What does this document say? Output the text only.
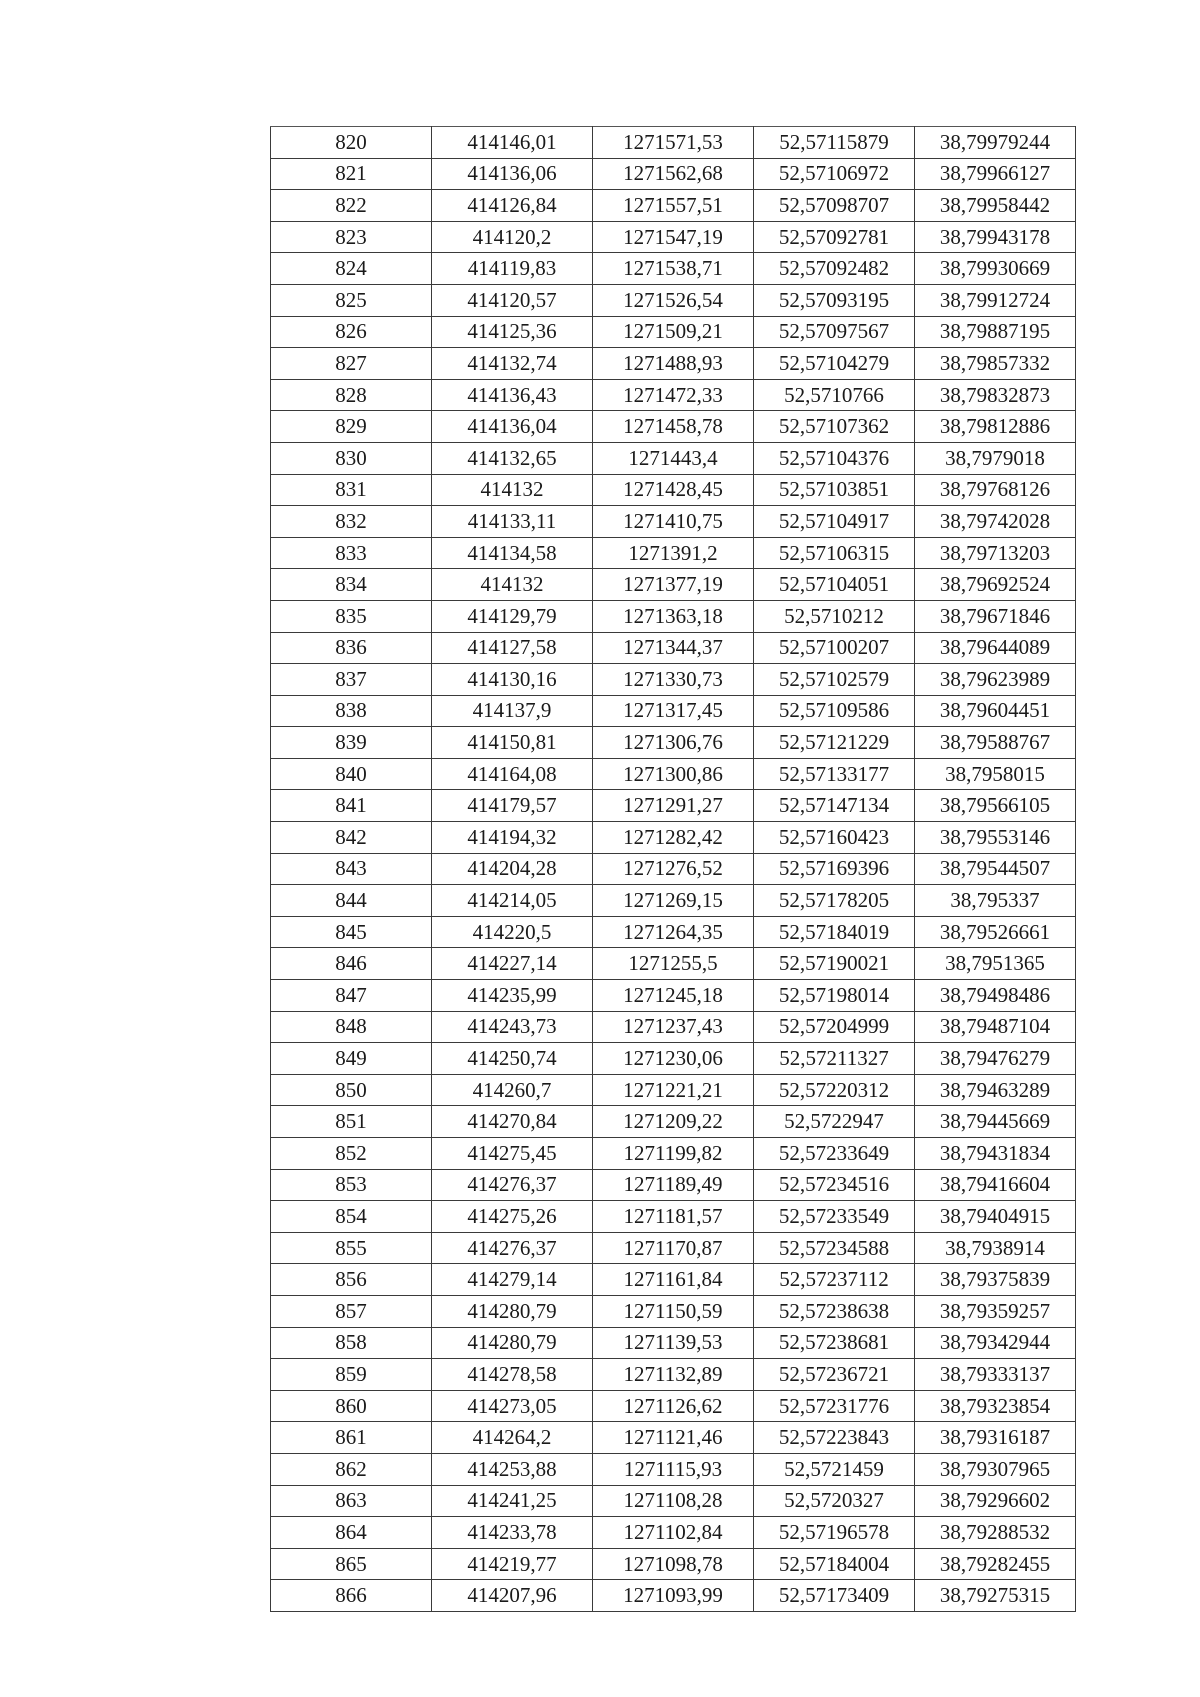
820	414146,01	1271571,53	52,57115879	38,79979244
821	414136,06	1271562,68	52,57106972	38,79966127
822	414126,84	1271557,51	52,57098707	38,79958442
823	414120,2	1271547,19	52,57092781	38,79943178
824	414119,83	1271538,71	52,57092482	38,79930669
825	414120,57	1271526,54	52,57093195	38,79912724
826	414125,36	1271509,21	52,57097567	38,79887195
827	414132,74	1271488,93	52,57104279	38,79857332
828	414136,43	1271472,33	52,5710766	38,79832873
829	414136,04	1271458,78	52,57107362	38,79812886
830	414132,65	1271443,4	52,57104376	38,7979018
831	414132	1271428,45	52,57103851	38,79768126
832	414133,11	1271410,75	52,57104917	38,79742028
833	414134,58	1271391,2	52,57106315	38,79713203
834	414132	1271377,19	52,57104051	38,79692524
835	414129,79	1271363,18	52,5710212	38,79671846
836	414127,58	1271344,37	52,57100207	38,79644089
837	414130,16	1271330,73	52,57102579	38,79623989
838	414137,9	1271317,45	52,57109586	38,79604451
839	414150,81	1271306,76	52,57121229	38,79588767
840	414164,08	1271300,86	52,57133177	38,7958015
841	414179,57	1271291,27	52,57147134	38,79566105
842	414194,32	1271282,42	52,57160423	38,79553146
843	414204,28	1271276,52	52,57169396	38,79544507
844	414214,05	1271269,15	52,57178205	38,795337
845	414220,5	1271264,35	52,57184019	38,79526661
846	414227,14	1271255,5	52,57190021	38,7951365
847	414235,99	1271245,18	52,57198014	38,79498486
848	414243,73	1271237,43	52,57204999	38,79487104
849	414250,74	1271230,06	52,57211327	38,79476279
850	414260,7	1271221,21	52,57220312	38,79463289
851	414270,84	1271209,22	52,5722947	38,79445669
852	414275,45	1271199,82	52,57233649	38,79431834
853	414276,37	1271189,49	52,57234516	38,79416604
854	414275,26	1271181,57	52,57233549	38,79404915
855	414276,37	1271170,87	52,57234588	38,7938914
856	414279,14	1271161,84	52,57237112	38,79375839
857	414280,79	1271150,59	52,57238638	38,79359257
858	414280,79	1271139,53	52,57238681	38,79342944
859	414278,58	1271132,89	52,57236721	38,79333137
860	414273,05	1271126,62	52,57231776	38,79323854
861	414264,2	1271121,46	52,57223843	38,79316187
862	414253,88	1271115,93	52,5721459	38,79307965
863	414241,25	1271108,28	52,5720327	38,79296602
864	414233,78	1271102,84	52,57196578	38,79288532
865	414219,77	1271098,78	52,57184004	38,79282455
866	414207,96	1271093,99	52,57173409	38,79275315
